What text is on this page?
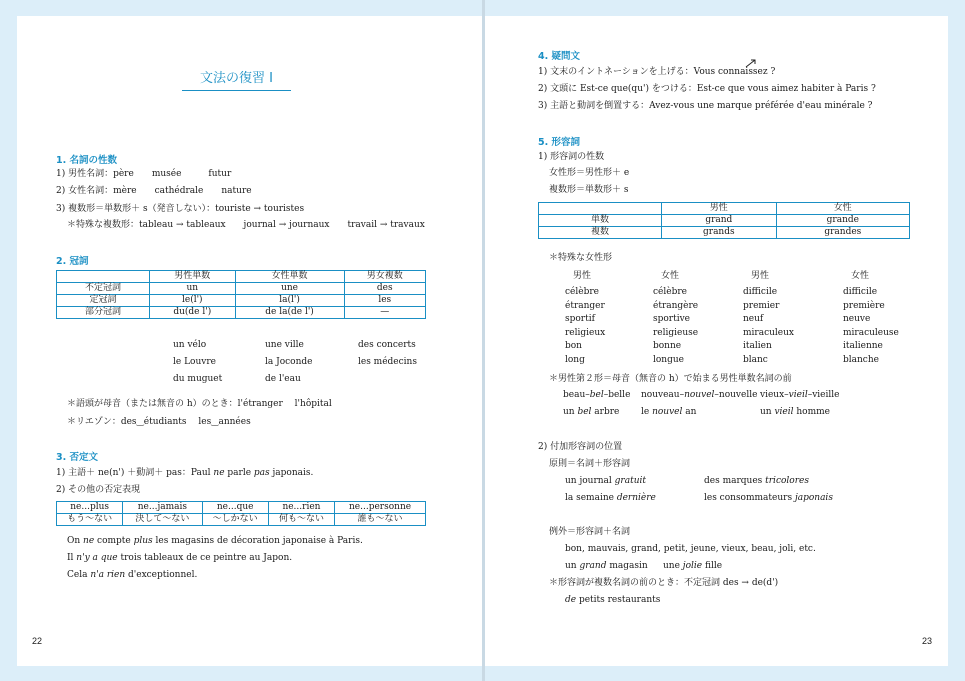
文法の復習 I
1. 名詞の性数
1) 男性名詞：père　　musée　　　futur
2) 女性名詞：mère　　cathédrale　　nature
3) 複数形＝単数形＋ s（発音しない）：touriste → touristes
＊特殊な複数形：tableau → tableaux　　journal → journaux　　travail → travaux
2. 冠詞
	男性単数	女性単数	男女複数
不定冠詞	un	une	des
定冠詞	le(l')	la(l')	les
部分冠詞	du(de l')	de la(de l')	—
un vélo	une ville	des concerts
le Louvre	la Joconde	les médecins
du muguet	de l'eau
＊語頭が母音（または無音の h）のとき：l'étranger　 l'hôpital
＊リエゾン：des‿étudiants　 les‿années
3. 否定文
1) 主語＋ ne(n') ＋動詞＋ pas：Paul ne parle pas japonais.
2) その他の否定表現
ne...plus	ne...jamais	ne...que	ne...rien	ne...personne
もう～ない	決して～ない	～しかない	何も～ない	誰も～ない
On ne compte plus les magasins de décoration japonaise à Paris.
Il n'y a que trois tableaux de ce peintre au Japon.
Cela n'a rien d'exceptionnel.
22
4. 疑問文
1) 文末のイントネーションを上げる：Vous connaissez ?
2) 文頭に Est-ce que(qu') をつける：Est-ce que vous aimez habiter à Paris ?
3) 主語と動詞を倒置する：Avez-vous une marque préférée d'eau minérale ?
5. 形容詞
1) 形容詞の性数
女性形＝男性形＋ e
複数形＝単数形＋ s
	男性	女性
単数	grand	grande
複数	grands	grandes
＊特殊な女性形
男性	女性	男性	女性
célèbre	célèbre	difficile	difficile
étranger	étrangère	premier	première
sportif	sportive	neuf	neuve
religieux	religieuse	miraculeux	miraculeuse
bon	bonne	italien	italienne
long	longue	blanc	blanche
＊男性第２形＝母音（無音の h）で始まる男性単数名詞の前
beau–bel–belle nouveau–nouvel–nouvelle vieux–vieil–vieille
un bel arbre le nouvel an	un vieil homme
2) 付加形容詞の位置
原則＝名詞＋形容詞
un journal gratuit	des marques tricolores
la semaine dernière	les consommateurs japonais
例外＝形容詞＋名詞
bon, mauvais, grand, petit, jeune, vieux, beau, joli, etc.
un grand magasin une jolie fille
＊形容詞が複数名詞の前のとき：不定冠詞 des → de(d')
de petits restaurants
23
